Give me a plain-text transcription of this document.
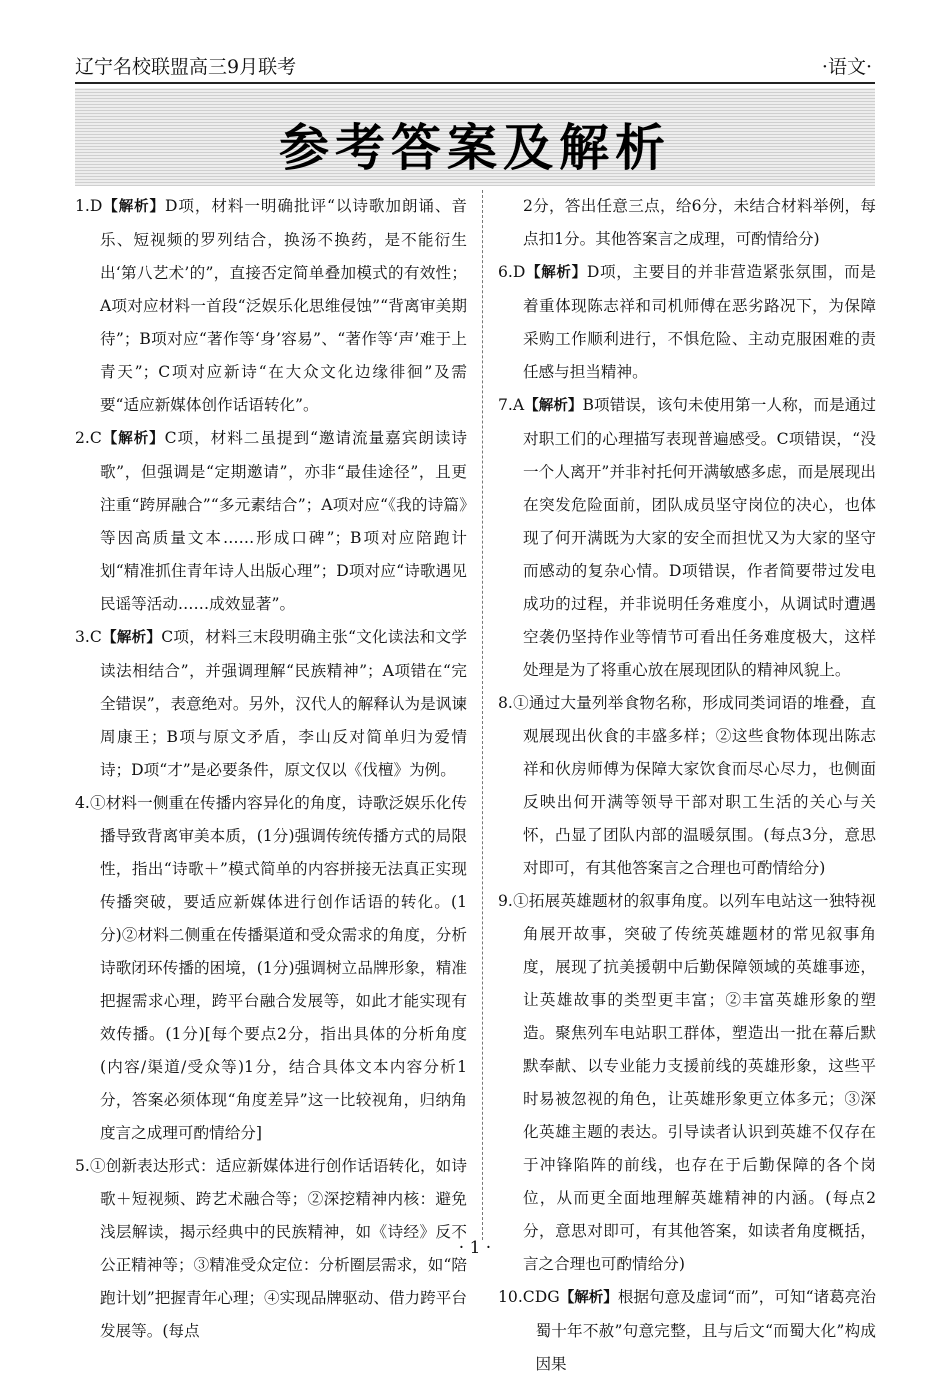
辽宁名校联盟高三9月联考	·语文·
参考答案及解析

1.D【解析】D项，材料一明确批评“以诗歌加朗诵、音乐、短视频的罗列结合，换汤不换药，是不能衍生出‘第八艺术’的”，直接否定简单叠加模式的有效性；A项对应材料一首段“泛娱乐化思维侵蚀”“背离审美期待”；B项对应“著作等‘身’容易”、“著作等‘声’难于上青天”；C项对应新诗“在大众文化边缘徘徊”及需要“适应新媒体创作话语转化”。

2.C【解析】C项，材料二虽提到“邀请流量嘉宾朗读诗歌”，但强调是“定期邀请”，亦非“最佳途径”，且更注重“跨屏融合”“多元素结合”；A项对应“《我的诗篇》等因高质量文本……形成口碑”；B项对应陪跑计划“精准抓住青年诗人出版心理”；D项对应“诗歌遇见民谣等活动……成效显著”。

3.C【解析】C项，材料三末段明确主张“文化读法和文学读法相结合”，并强调理解“民族精神”；A项错在“完全错误”，表意绝对。另外，汉代人的解释认为是讽谏周康王；B项与原文矛盾，李山反对简单归为爱情诗；D项“才”是必要条件，原文仅以《伐檀》为例。

4.①材料一侧重在传播内容异化的角度，诗歌泛娱乐化传播导致背离审美本质，(1分)强调传统传播方式的局限性，指出“诗歌＋”模式简单的内容拼接无法真正实现传播突破，要适应新媒体进行创作话语的转化。(1分)②材料二侧重在传播渠道和受众需求的角度，分析诗歌闭环传播的困境，(1分)强调树立品牌形象，精准把握需求心理，跨平台融合发展等，如此才能实现有效传播。(1分)[每个要点2分，指出具体的分析角度(内容/渠道/受众等)1分，结合具体文本内容分析1分，答案必须体现“角度差异”这一比较视角，归纳角度言之成理可酌情给分]

5.①创新表达形式：适应新媒体进行创作话语转化，如诗歌＋短视频、跨艺术融合等；②深挖精神内核：避免浅层解读，揭示经典中的民族精神，如《诗经》反不公正精神等；③精准受众定位：分析圈层需求，如“陪跑计划”把握青年心理；④实现品牌驱动、借力跨平台发展等。(每点

2分，答出任意三点，给6分，未结合材料举例，每点扣1分。其他答案言之成理，可酌情给分)

6.D【解析】D项，主要目的并非营造紧张氛围，而是着重体现陈志祥和司机师傅在恶劣路况下，为保障采购工作顺利进行，不惧危险、主动克服困难的责任感与担当精神。

7.A【解析】B项错误，该句未使用第一人称，而是通过对职工们的心理描写表现普遍感受。C项错误，“没一个人离开”并非衬托何开满敏感多虑，而是展现出在突发危险面前，团队成员坚守岗位的决心，也体现了何开满既为大家的安全而担忧又为大家的坚守而感动的复杂心情。D项错误，作者简要带过发电成功的过程，并非说明任务难度小，从调试时遭遇空袭仍坚持作业等情节可看出任务难度极大，这样处理是为了将重心放在展现团队的精神风貌上。

8.①通过大量列举食物名称，形成同类词语的堆叠，直观展现出伙食的丰盛多样；②这些食物体现出陈志祥和伙房师傅为保障大家饮食而尽心尽力，也侧面反映出何开满等领导干部对职工生活的关心与关怀，凸显了团队内部的温暖氛围。(每点3分，意思对即可，有其他答案言之合理也可酌情给分)

9.①拓展英雄题材的叙事角度。以列车电站这一独特视角展开故事，突破了传统英雄题材的常见叙事角度，展现了抗美援朝中后勤保障领域的英雄事迹，让英雄故事的类型更丰富；②丰富英雄形象的塑造。聚焦列车电站职工群体，塑造出一批在幕后默默奉献、以专业能力支援前线的英雄形象，这些平时易被忽视的角色，让英雄形象更立体多元；③深化英雄主题的表达。引导读者认识到英雄不仅存在于冲锋陷阵的前线，也存在于后勤保障的各个岗位，从而更全面地理解英雄精神的内涵。(每点2分，意思对即可，有其他答案，如读者角度概括，言之合理也可酌情给分)

10.CDG【解析】根据句意及虚词“而”，可知“诸葛亮治蜀十年不赦”句意完整，且与后文“而蜀大化”构成因果

· 1 ·
